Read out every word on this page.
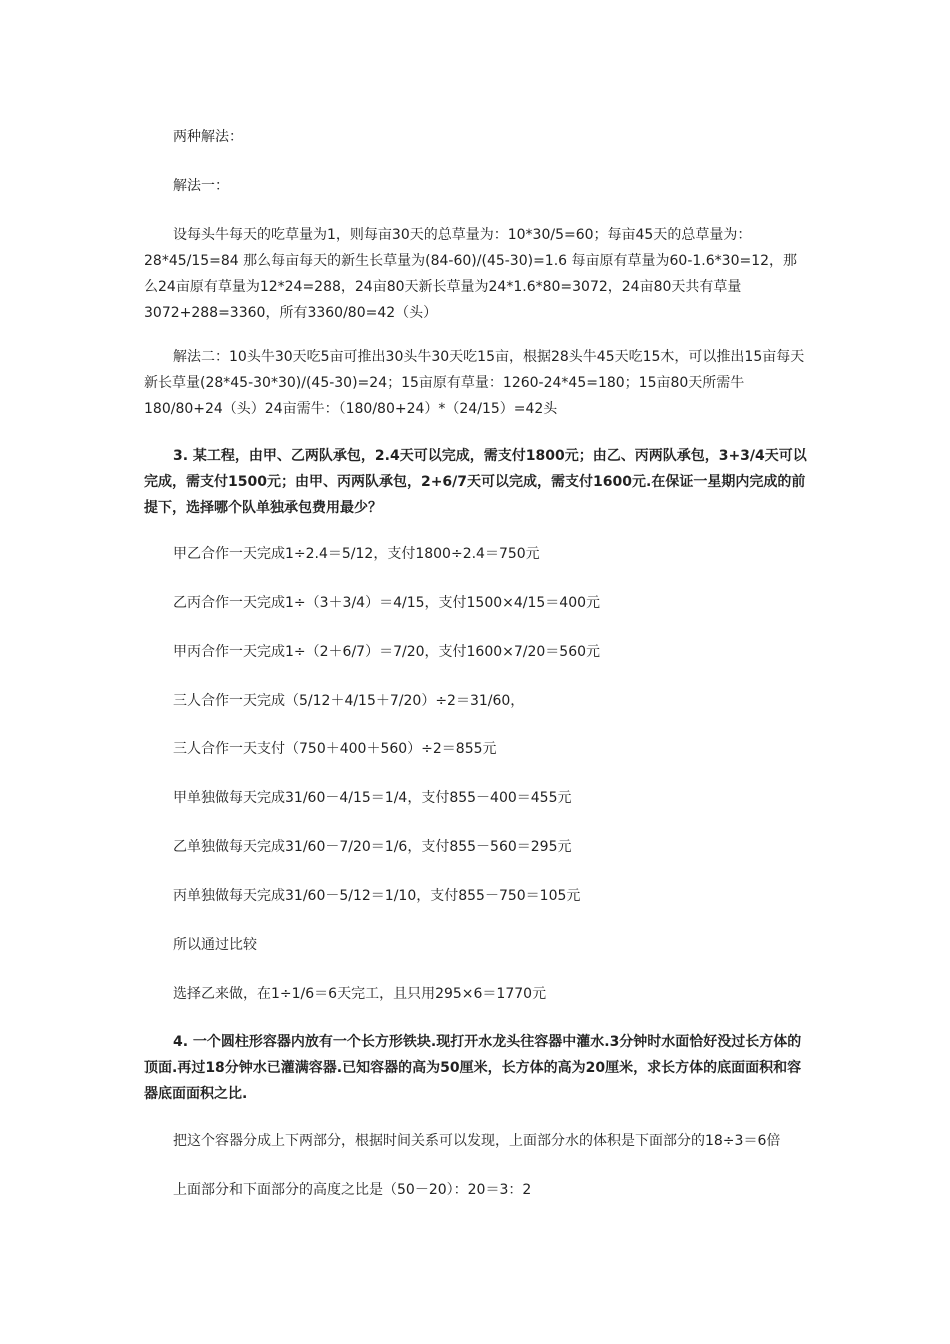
两种解法：

解法一：

设每头牛每天的吃草量为1，则每亩30天的总草量为：10*30/5=60；每亩45天的总草量为：28*45/15=84 那么每亩每天的新生长草量为(84-60)/(45-30)=1.6 每亩原有草量为60-1.6*30=12，那么24亩原有草量为12*24=288，24亩80天新长草量为24*1.6*80=3072，24亩80天共有草量3072+288=3360，所有3360/80=42（头）

解法二：10头牛30天吃5亩可推出30头牛30天吃15亩，根据28头牛45天吃15木，可以推出15亩每天新长草量(28*45-30*30)/(45-30)=24；15亩原有草量：1260-24*45=180；15亩80天所需牛180/80+24（头）24亩需牛：（180/80+24）*（24/15）=42头

3. 某工程，由甲、乙两队承包，2.4天可以完成，需支付1800元；由乙、丙两队承包，3+3/4天可以完成，需支付1500元；由甲、丙两队承包，2+6/7天可以完成，需支付1600元.在保证一星期内完成的前提下，选择哪个队单独承包费用最少？

甲乙合作一天完成1÷2.4＝5/12，支付1800÷2.4＝750元

乙丙合作一天完成1÷（3＋3/4）＝4/15，支付1500×4/15＝400元

甲丙合作一天完成1÷（2＋6/7）＝7/20，支付1600×7/20＝560元

三人合作一天完成（5/12＋4/15＋7/20）÷2＝31/60，

三人合作一天支付（750＋400＋560）÷2＝855元

甲单独做每天完成31/60－4/15＝1/4，支付855－400＝455元

乙单独做每天完成31/60－7/20＝1/6，支付855－560＝295元

丙单独做每天完成31/60－5/12＝1/10，支付855－750＝105元

所以通过比较

选择乙来做，在1÷1/6＝6天完工，且只用295×6＝1770元

4. 一个圆柱形容器内放有一个长方形铁块.现打开水龙头往容器中灌水.3分钟时水面恰好没过长方体的顶面.再过18分钟水已灌满容器.已知容器的高为50厘米，长方体的高为20厘米，求长方体的底面面积和容器底面面积之比.

把这个容器分成上下两部分，根据时间关系可以发现，上面部分水的体积是下面部分的18÷3＝6倍

上面部分和下面部分的高度之比是（50－20）：20＝3：2
